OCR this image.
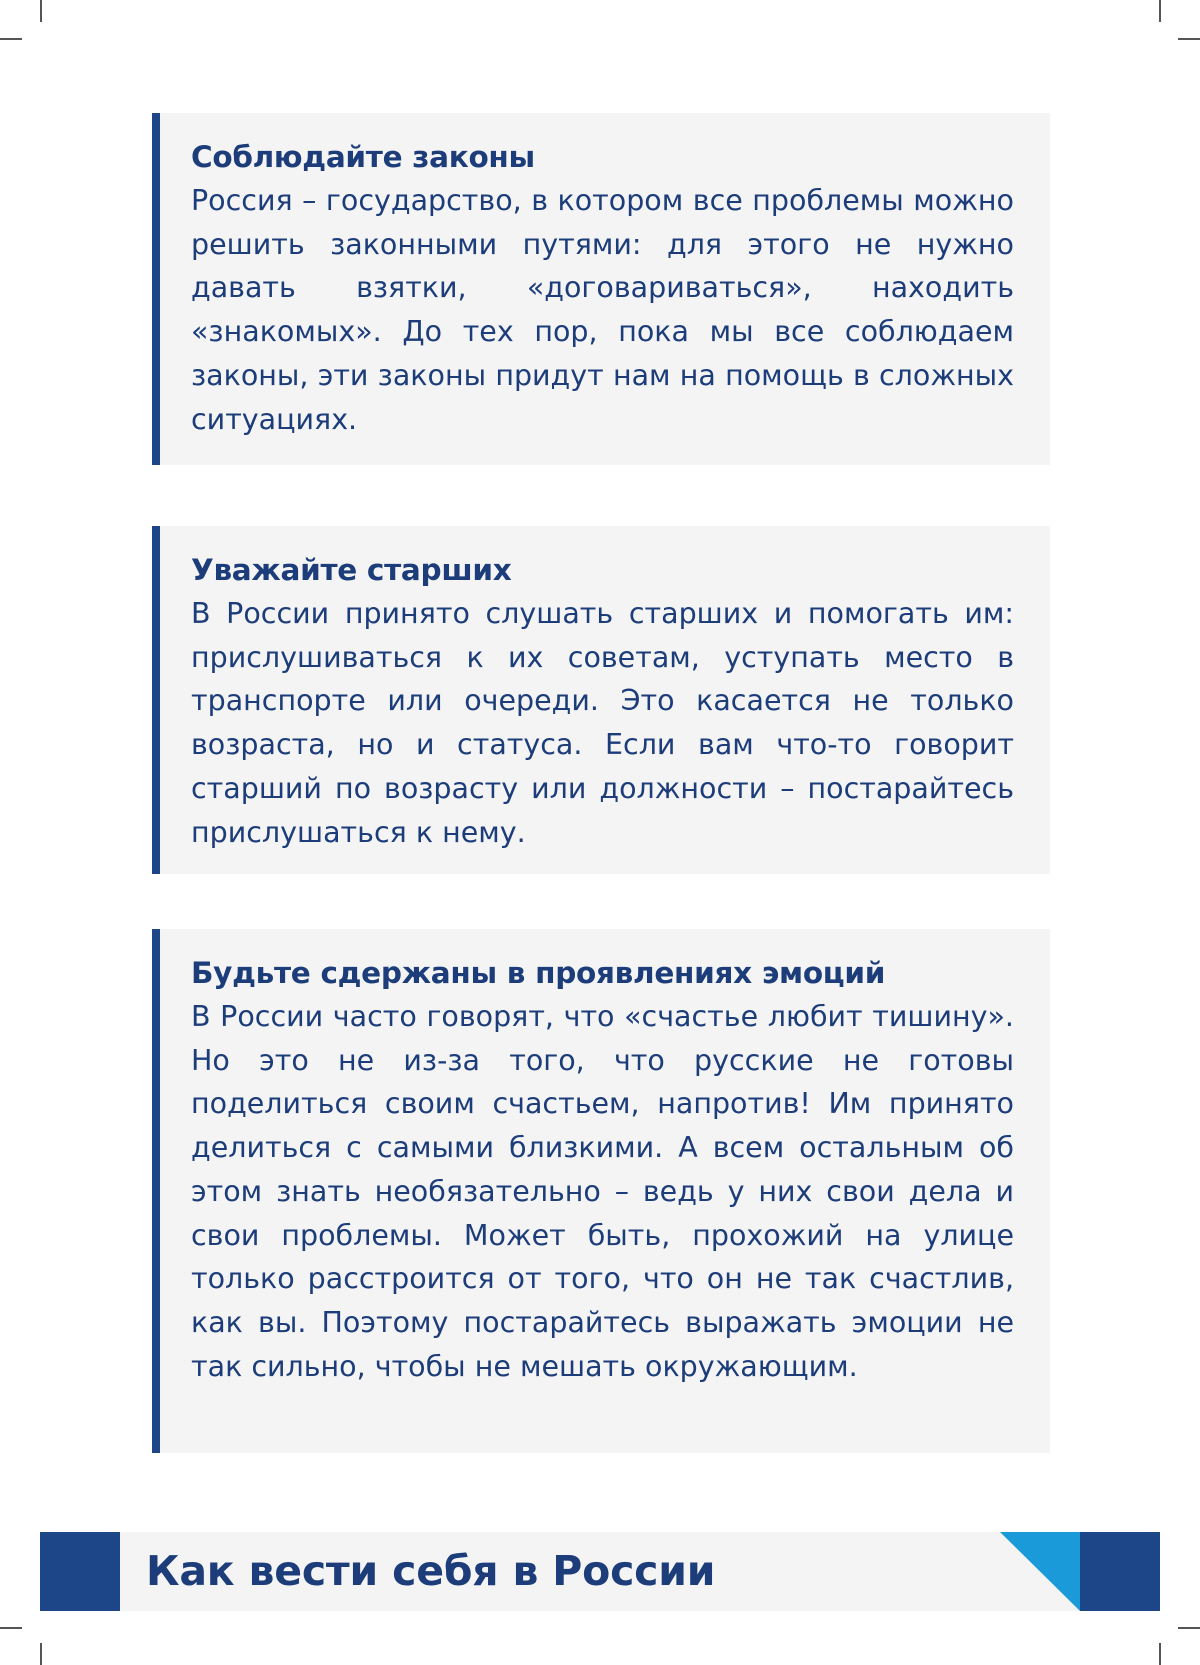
Соблюдайте законы

Россия – государство, в котором все проблемы можно решить законными путями: для этого не нужно давать взятки, «договариваться», находить «знакомых». До тех пор, пока мы все соблюдаем законы, эти законы придут нам на помощь в сложных ситуациях.

Уважайте старших

В России принято слушать старших и помогать им: прислушиваться к их советам, уступать место в транспорте или очереди. Это касается не только возраста, но и статуса. Если вам что-то говорит старший по возрасту или должности – постарайтесь прислушаться к нему.

Будьте сдержаны в проявлениях эмоций

В России часто говорят, что «счастье любит тишину». Но это не из-за того, что русские не готовы поделиться своим счастьем, напротив! Им принято делиться с самыми близкими. А всем остальным об этом знать необязательно – ведь у них свои дела и свои проблемы. Может быть, прохожий на улице только расстроится от того, что он не так счастлив, как вы. Поэтому постарайтесь выражать эмоции не так сильно, чтобы не мешать окружающим.

Как вести себя в России
